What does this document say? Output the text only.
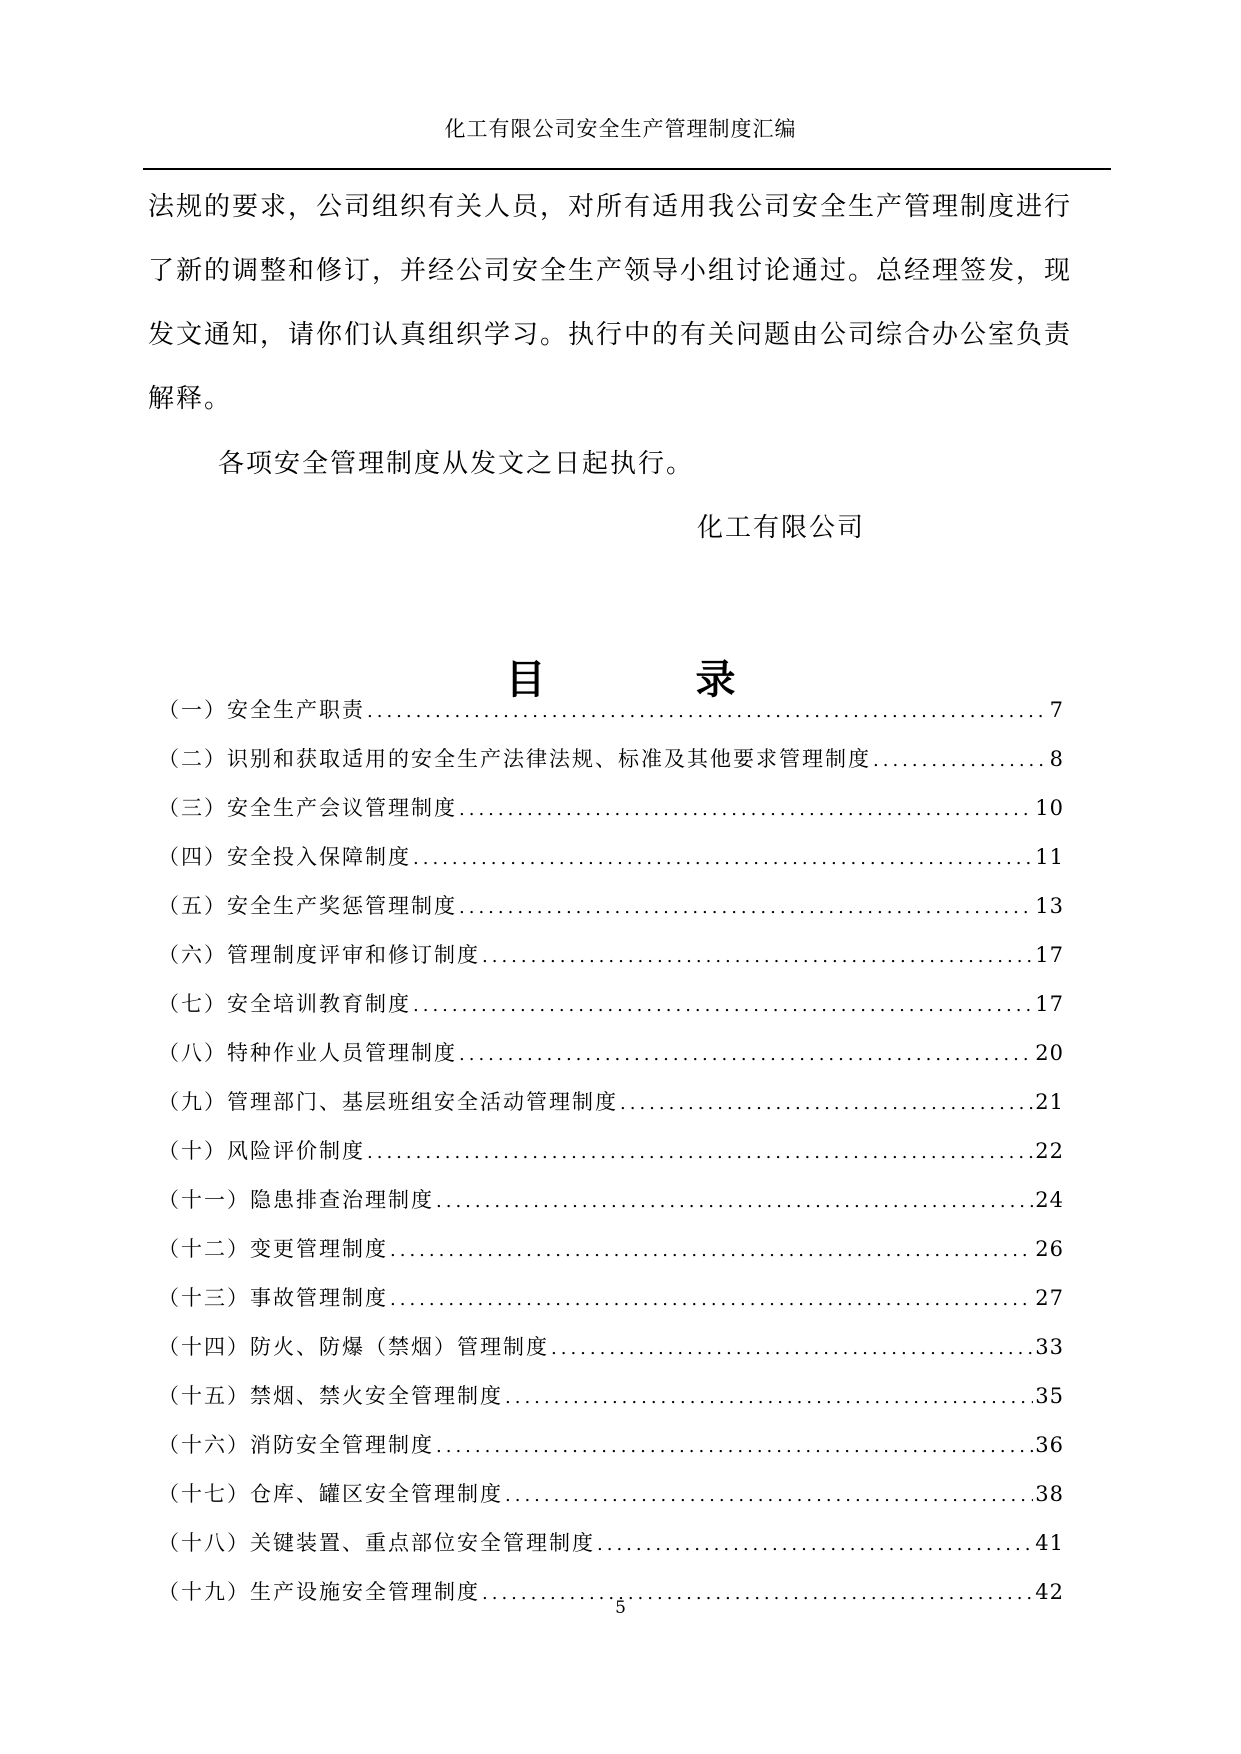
化工有限公司安全生产管理制度汇编
法规的要求，公司组织有关人员，对所有适用我公司安全生产管理制度进行
了新的调整和修订，并经公司安全生产领导小组讨论通过。总经理签发，现
发文通知，请你们认真组织学习。执行中的有关问题由公司综合办公室负责
解释。
各项安全管理制度从发文之日起执行。
化工有限公司
目	录
（一）安全生产职责 .....	7
（二）识别和获取适用的安全生产法律法规、标准及其他要求管理制度 .....	8
（三）安全生产会议管理制度 .....	10
（四）安全投入保障制度 .....	11
（五）安全生产奖惩管理制度 .....	13
（六）管理制度评审和修订制度 .....	17
（七）安全培训教育制度 .....	17
（八）特种作业人员管理制度 .....	20
（九）管理部门、基层班组安全活动管理制度 .....	21
（十）风险评价制度 .....	22
（十一）隐患排查治理制度 .....	24
（十二）变更管理制度 .....	26
（十三）事故管理制度 .....	27
（十四）防火、防爆（禁烟）管理制度 .....	33
（十五）禁烟、禁火安全管理制度 .....	35
（十六）消防安全管理制度 .....	36
（十七）仓库、罐区安全管理制度 .....	38
（十八）关键装置、重点部位安全管理制度 .....	41
（十九）生产设施安全管理制度 .....	42
5
